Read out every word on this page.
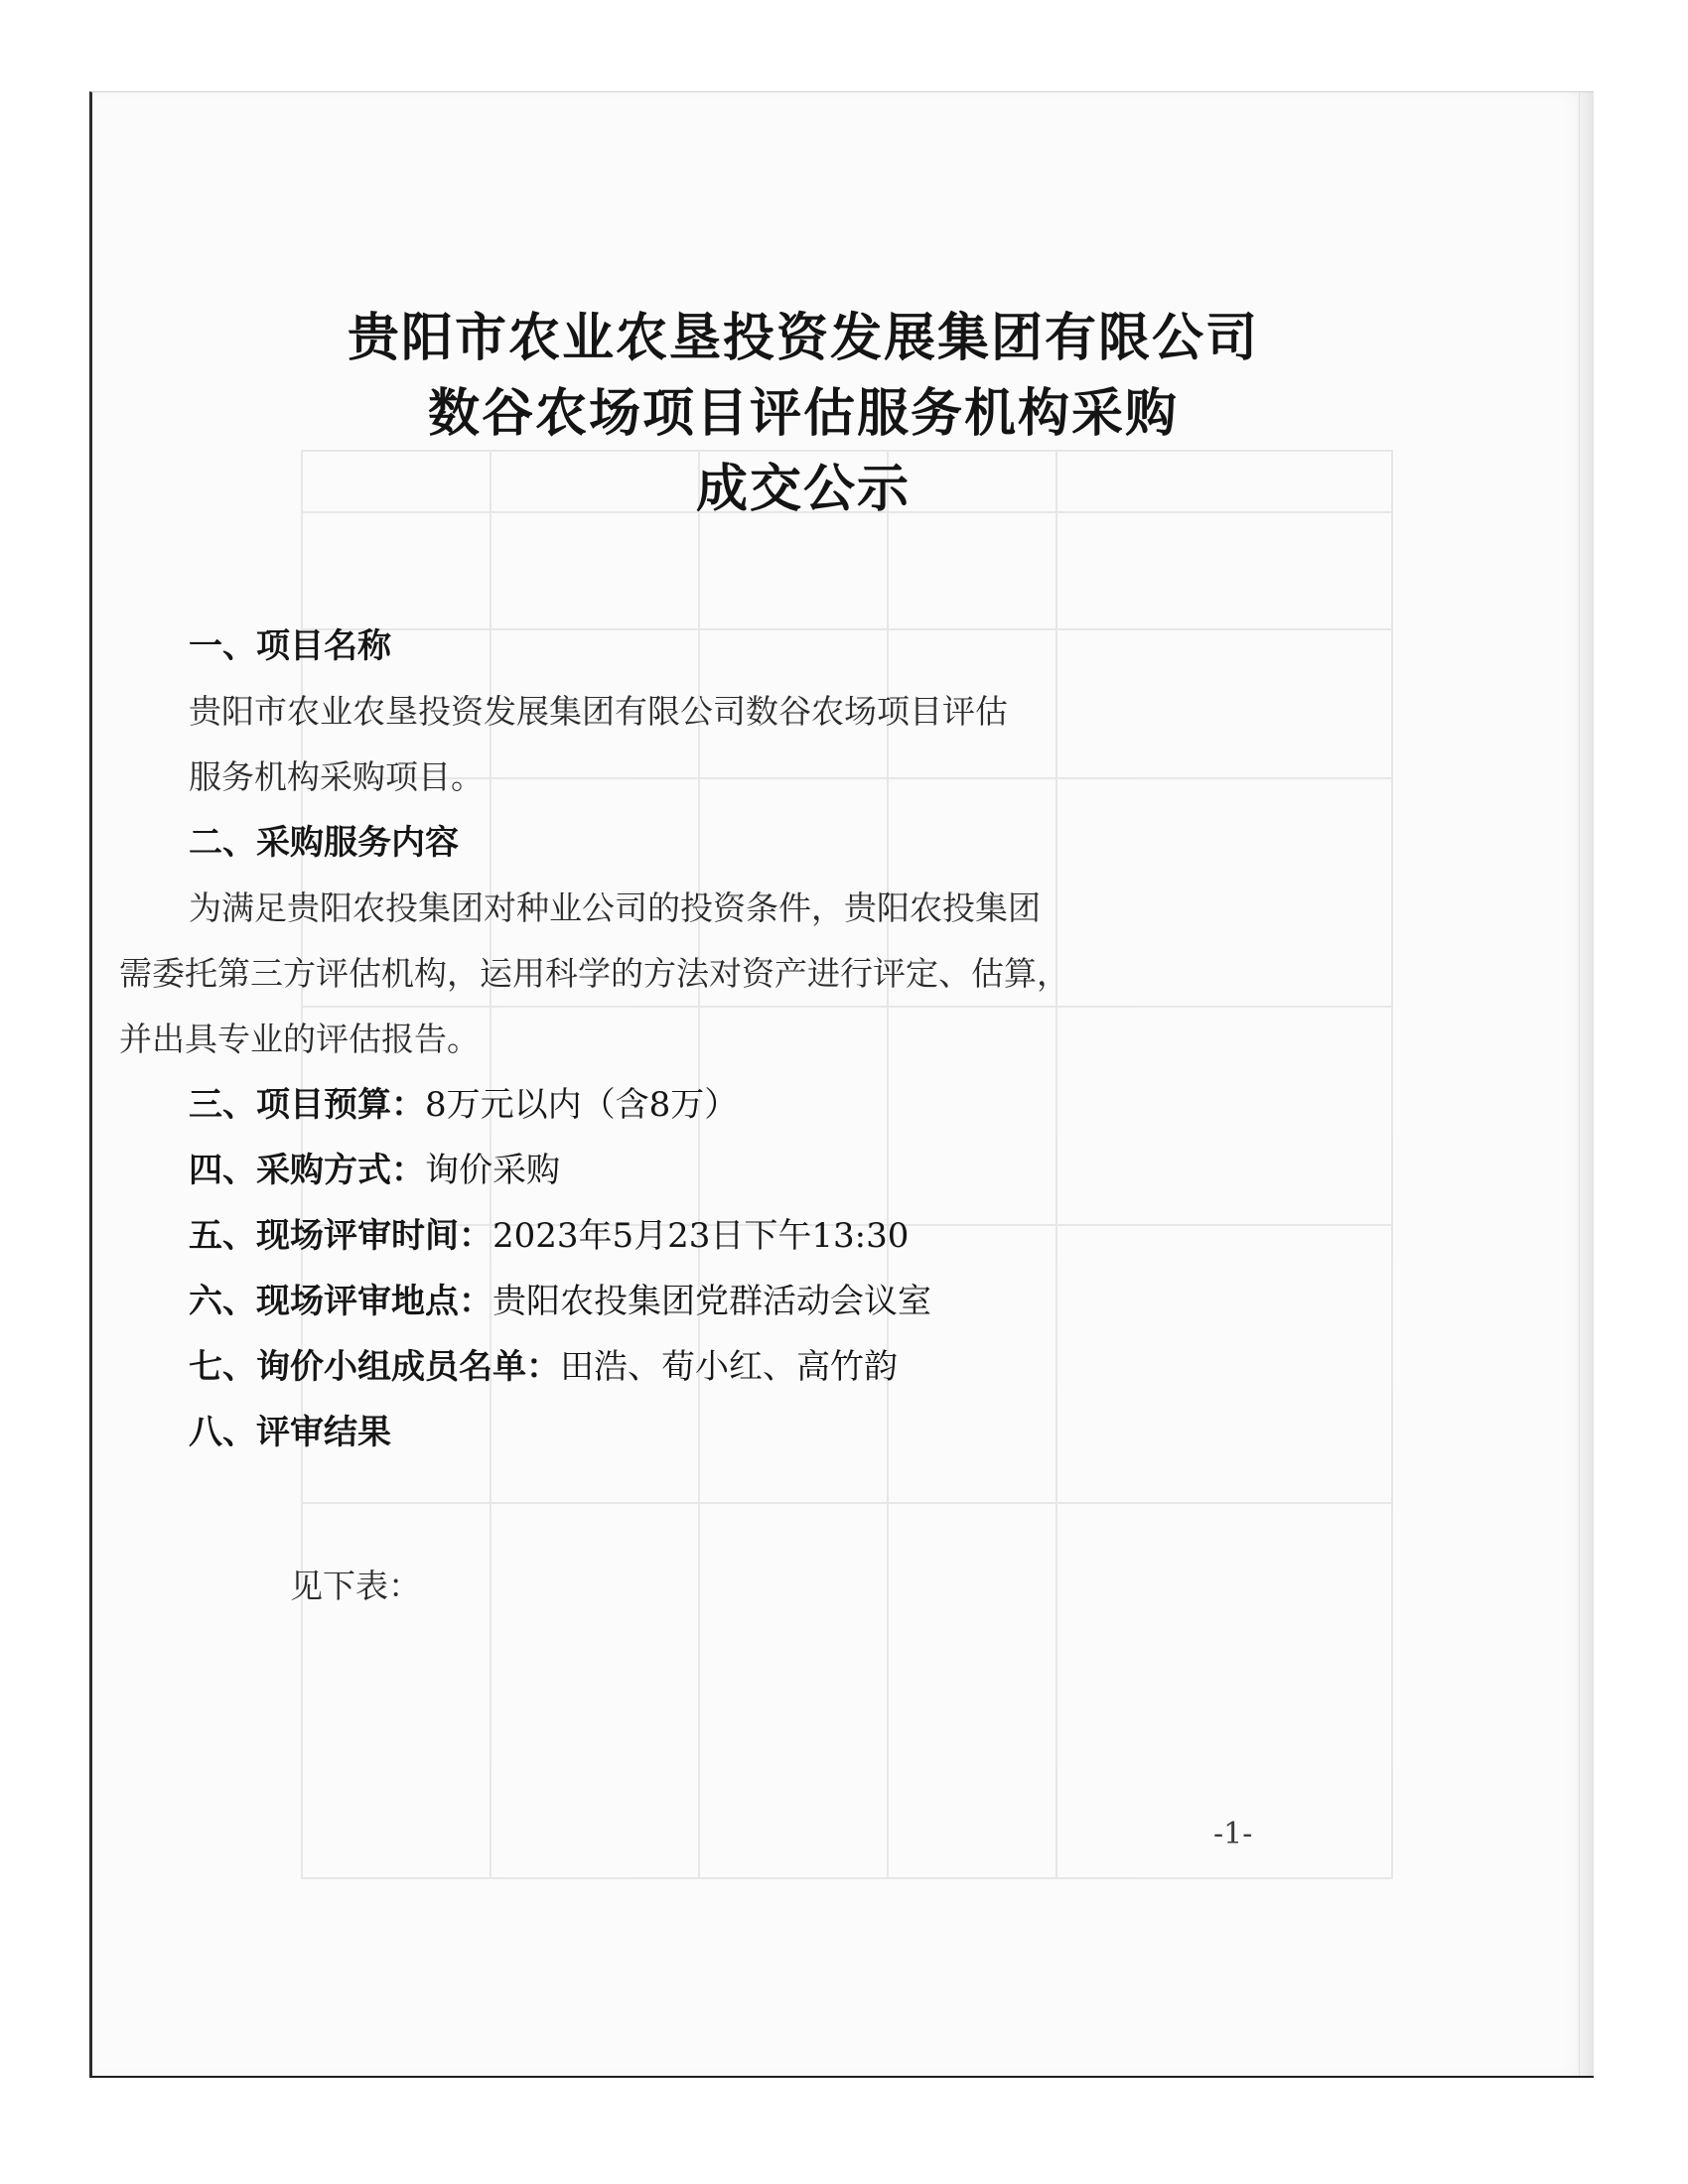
贵阳市农业农垦投资发展集团有限公司

数谷农场项目评估服务机构采购

成交公示

一、项目名称

贵阳市农业农垦投资发展集团有限公司数谷农场项目评估

服务机构采购项目。

二、采购服务内容

为满足贵阳农投集团对种业公司的投资条件，贵阳农投集团

需委托第三方评估机构，运用科学的方法对资产进行评定、估算，

并出具专业的评估报告。

三、项目预算：8万元以内（含8万）

四、采购方式：询价采购

五、现场评审时间：2023年5月23日下午13:30

六、现场评审地点：贵阳农投集团党群活动会议室

七、询价小组成员名单：田浩、荀小红、高竹韵

八、评审结果

见下表：

-1-
